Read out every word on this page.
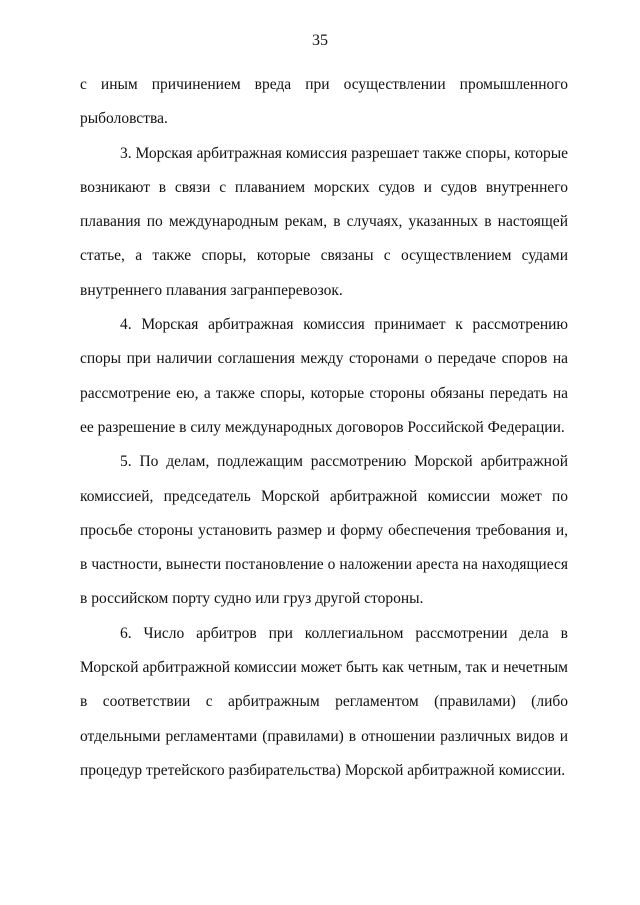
35

с иным причинением вреда при осуществлении промышленного рыболовства.

3. Морская арбитражная комиссия разрешает также споры, которые возникают в связи с плаванием морских судов и судов внутреннего плавания по международным рекам, в случаях, указанных в настоящей статье, а также споры, которые связаны с осуществлением судами внутреннего плавания загранперевозок.

4. Морская арбитражная комиссия принимает к рассмотрению споры при наличии соглашения между сторонами о передаче споров на рассмотрение ею, а также споры, которые стороны обязаны передать на ее разрешение в силу международных договоров Российской Федерации.

5. По делам, подлежащим рассмотрению Морской арбитражной комиссией, председатель Морской арбитражной комиссии может по просьбе стороны установить размер и форму обеспечения требования и, в частности, вынести постановление о наложении ареста на находящиеся в российском порту судно или груз другой стороны.

6. Число арбитров при коллегиальном рассмотрении дела в Морской арбитражной комиссии может быть как четным, так и нечетным в соответствии с арбитражным регламентом (правилами) (либо отдельными регламентами (правилами) в отношении различных видов и процедур третейского разбирательства) Морской арбитражной комиссии.
